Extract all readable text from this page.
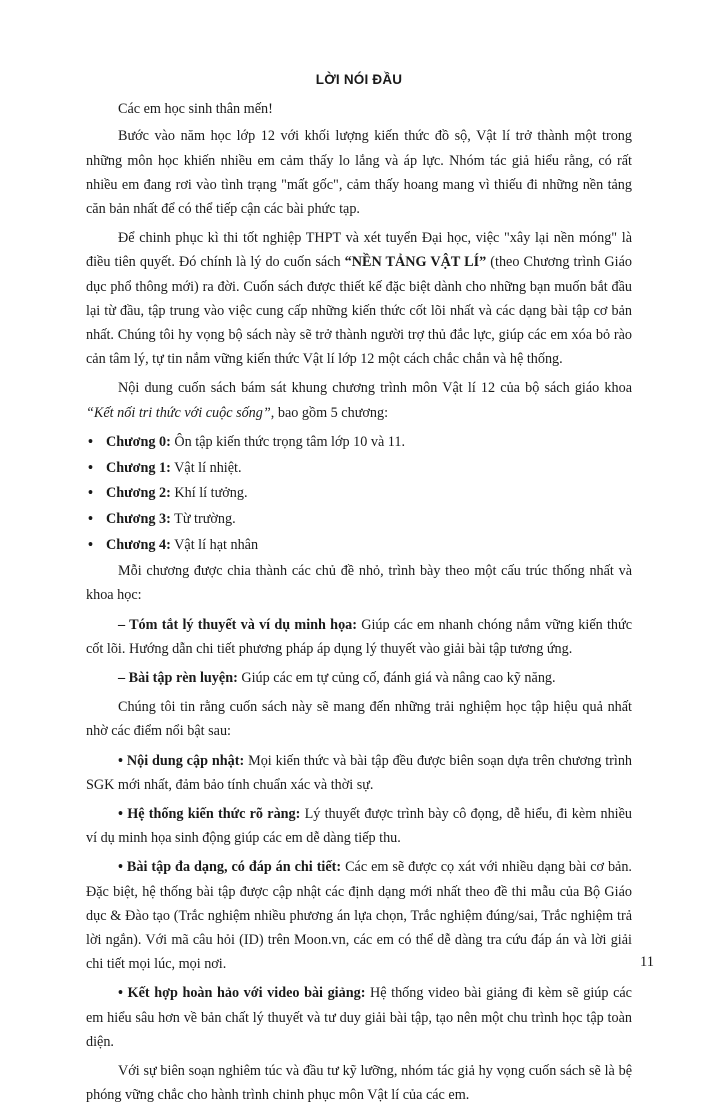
LỜI NÓI ĐẦU

Các em học sinh thân mến!

Bước vào năm học lớp 12 với khối lượng kiến thức đồ sộ, Vật lí trở thành một trong những môn học khiến nhiều em cảm thấy lo lắng và áp lực. Nhóm tác giả hiểu rằng, có rất nhiều em đang rơi vào tình trạng "mất gốc", cảm thấy hoang mang vì thiếu đi những nền tảng căn bản nhất để có thể tiếp cận các bài phức tạp.

Để chinh phục kì thi tốt nghiệp THPT và xét tuyển Đại học, việc "xây lại nền móng" là điều tiên quyết. Đó chính là lý do cuốn sách “NỀN TẢNG VẬT LÍ” (theo Chương trình Giáo dục phổ thông mới) ra đời. Cuốn sách được thiết kế đặc biệt dành cho những bạn muốn bắt đầu lại từ đầu, tập trung vào việc cung cấp những kiến thức cốt lõi nhất và các dạng bài tập cơ bản nhất. Chúng tôi hy vọng bộ sách này sẽ trở thành người trợ thủ đắc lực, giúp các em xóa bỏ rào cản tâm lý, tự tin nắm vững kiến thức Vật lí lớp 12 một cách chắc chắn và hệ thống.

Nội dung cuốn sách bám sát khung chương trình môn Vật lí 12 của bộ sách giáo khoa “Kết nối tri thức với cuộc sống”, bao gồm 5 chương:

• Chương 0: Ôn tập kiến thức trọng tâm lớp 10 và 11.
• Chương 1: Vật lí nhiệt.
• Chương 2: Khí lí tưởng.
• Chương 3: Từ trường.
• Chương 4: Vật lí hạt nhân

Mỗi chương được chia thành các chủ đề nhỏ, trình bày theo một cấu trúc thống nhất và khoa học:

– Tóm tắt lý thuyết và ví dụ minh họa: Giúp các em nhanh chóng nắm vững kiến thức cốt lõi. Hướng dẫn chi tiết phương pháp áp dụng lý thuyết vào giải bài tập tương ứng.

– Bài tập rèn luyện: Giúp các em tự củng cố, đánh giá và nâng cao kỹ năng.

Chúng tôi tin rằng cuốn sách này sẽ mang đến những trải nghiệm học tập hiệu quả nhất nhờ các điểm nổi bật sau:

• Nội dung cập nhật: Mọi kiến thức và bài tập đều được biên soạn dựa trên chương trình SGK mới nhất, đảm bảo tính chuẩn xác và thời sự.

• Hệ thống kiến thức rõ ràng: Lý thuyết được trình bày cô đọng, dễ hiểu, đi kèm nhiều ví dụ minh họa sinh động giúp các em dễ dàng tiếp thu.

• Bài tập đa dạng, có đáp án chi tiết: Các em sẽ được cọ xát với nhiều dạng bài cơ bản. Đặc biệt, hệ thống bài tập được cập nhật các định dạng mới nhất theo đề thi mẫu của Bộ Giáo dục & Đào tạo (Trắc nghiệm nhiều phương án lựa chọn, Trắc nghiệm đúng/sai, Trắc nghiệm trả lời ngắn). Với mã câu hỏi (ID) trên Moon.vn, các em có thể dễ dàng tra cứu đáp án và lời giải chi tiết mọi lúc, mọi nơi.

• Kết hợp hoàn hảo với video bài giảng: Hệ thống video bài giảng đi kèm sẽ giúp các em hiểu sâu hơn về bản chất lý thuyết và tư duy giải bài tập, tạo nên một chu trình học tập toàn diện.

Với sự biên soạn nghiêm túc và đầu tư kỹ lưỡng, nhóm tác giả hy vọng cuốn sách sẽ là bệ phóng vững chắc cho hành trình chinh phục môn Vật lí của các em.

11
